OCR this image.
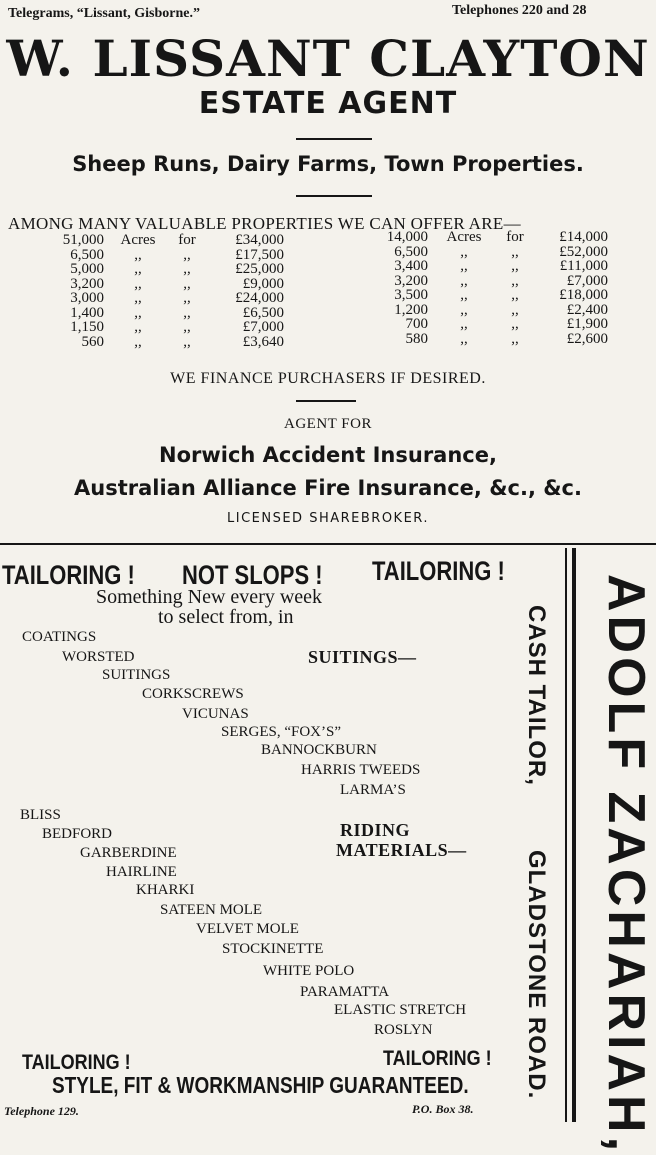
Telegrams, “Lissant, Gisborne.”	Telephones 220 and 28
W. LISSANT CLAYTON
ESTATE AGENT
Sheep Runs, Dairy Farms, Town Properties.
AMONG MANY VALUABLE PROPERTIES WE CAN OFFER ARE—
51,000	Acres	for	£34,000
6,500	,,	,,	£17,500
5,000	,,	,,	£25,000
3,200	,,	,,	£9,000
3,000	,,	,,	£24,000
1,400	,,	,,	£6,500
1,150	,,	,,	£7,000
560	,,	,,	£3,640
14,000	Acres	for	£14,000
6,500	,,	,,	£52,000
3,400	,,	,,	£11,000
3,200	,,	,,	£7,000
3,500	,,	,,	£18,000
1,200	,,	,,	£2,400
700	,,	,,	£1,900
580	,,	,,	£2,600
WE FINANCE PURCHASERS IF DESIRED.
AGENT FOR
Norwich Accident Insurance,
Australian Alliance Fire Insurance, &c., &c.
LICENSED SHAREBROKER.
TAILORING ! NOT SLOPS ! TAILORING !
Something New every week
to select from, in
COATINGS
WORSTED
SUITINGS
CORKSCREWS
VICUNAS
SERGES, “FOX’S”
BANNOCKBURN
HARRIS TWEEDS
LARMA’S
SUITINGS—
BLISS
BEDFORD
GARBERDINE
HAIRLINE
KHARKI
SATEEN MOLE
VELVET MOLE
STOCKINETTE
WHITE POLO
PARAMATTA
ELASTIC STRETCH
ROSLYN
RIDING
MATERIALS—
TAILORING !	TAILORING !
STYLE, FIT & WORKMANSHIP GUARANTEED.
Telephone 129.	P.O. Box 38.
CASH TAILOR,
GLADSTONE ROAD. ADOLF ZACHARIAH,
